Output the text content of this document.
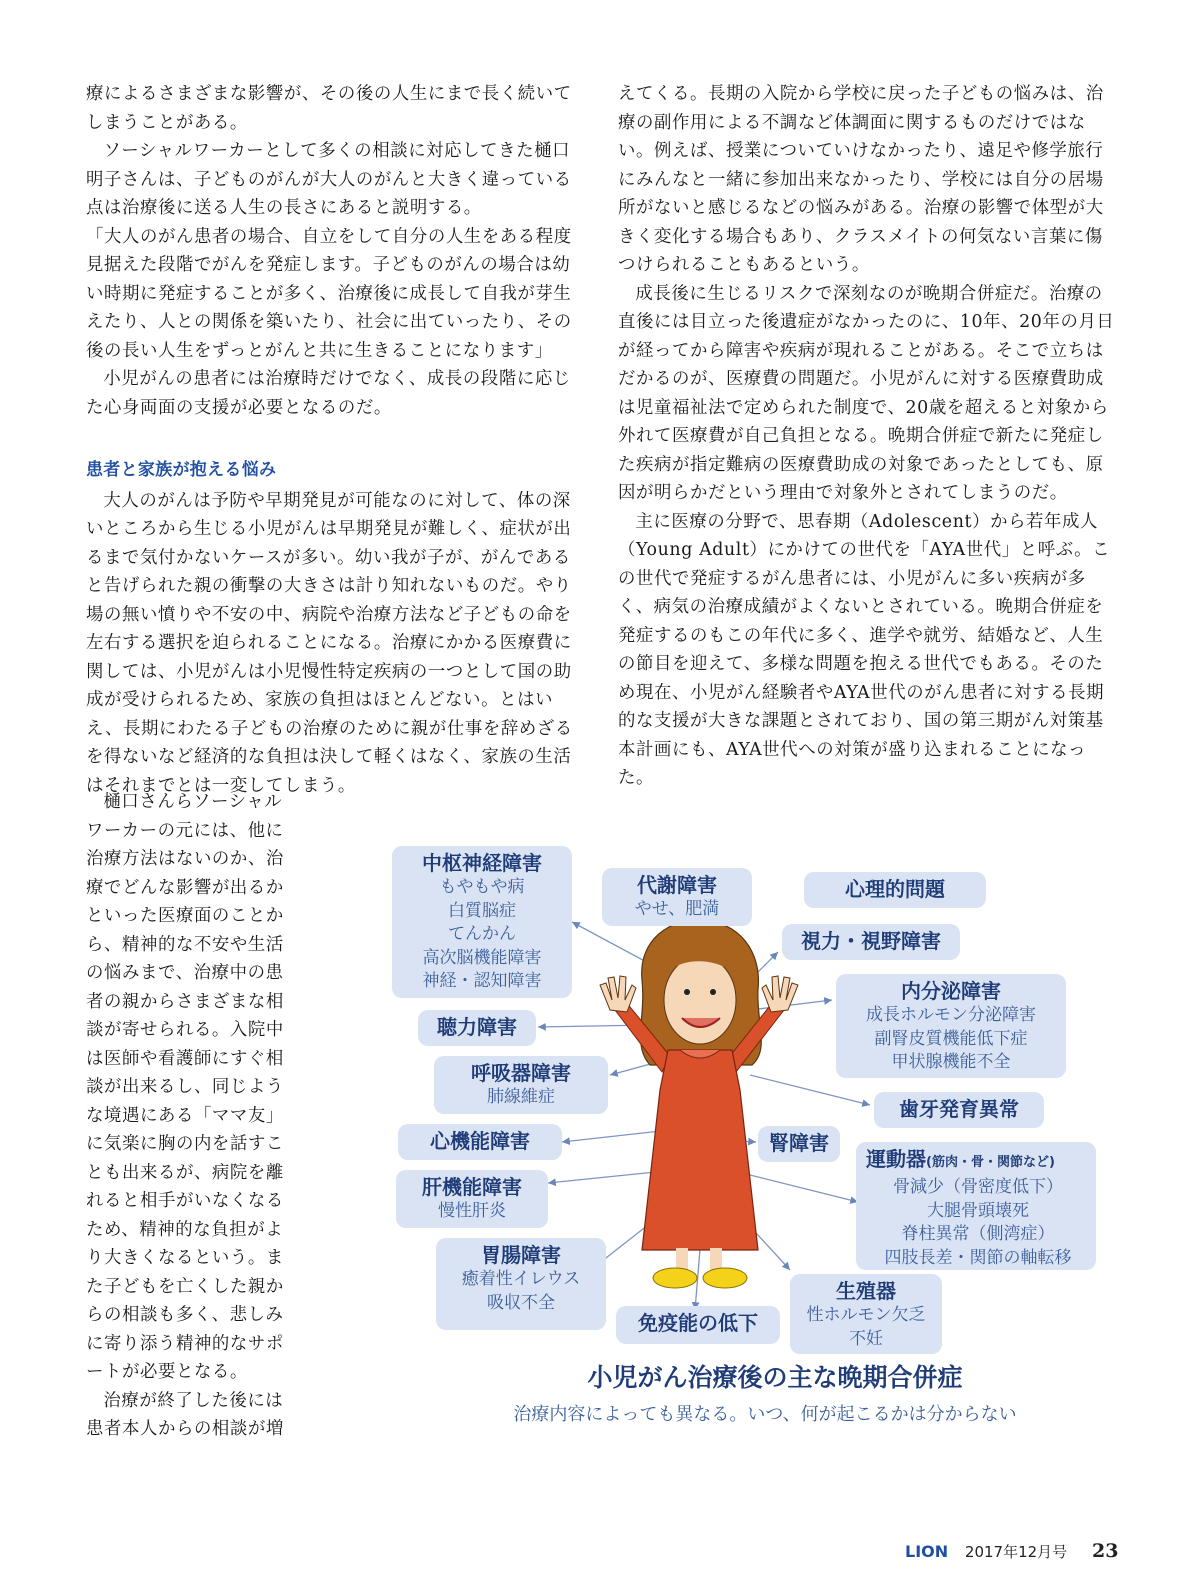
療によるさまざまな影響が、その後の人生にまで長く続いてしまうことがある。

ソーシャルワーカーとして多くの相談に対応してきた樋口明子さんは、子どものがんが大人のがんと大きく違っている点は治療後に送る人生の長さにあると説明する。

「大人のがん患者の場合、自立をして自分の人生をある程度見据えた段階でがんを発症します。子どものがんの場合は幼い時期に発症することが多く、治療後に成長して自我が芽生えたり、人との関係を築いたり、社会に出ていったり、その後の長い人生をずっとがんと共に生きることになります」

小児がんの患者には治療時だけでなく、成長の段階に応じた心身両面の支援が必要となるのだ。

患者と家族が抱える悩み

大人のがんは予防や早期発見が可能なのに対して、体の深いところから生じる小児がんは早期発見が難しく、症状が出るまで気付かないケースが多い。幼い我が子が、がんであると告げられた親の衝撃の大きさは計り知れないものだ。やり場の無い憤りや不安の中、病院や治療方法など子どもの命を左右する選択を迫られることになる。治療にかかる医療費に関しては、小児がんは小児慢性特定疾病の一つとして国の助成が受けられるため、家族の負担はほとんどない。とはいえ、長期にわたる子どもの治療のために親が仕事を辞めざるを得ないなど経済的な負担は決して軽くはなく、家族の生活はそれまでとは一変してしまう。

樋口さんらソーシャルワーカーの元には、他に治療方法はないのか、治療でどんな影響が出るかといった医療面のことから、精神的な不安や生活の悩みまで、治療中の患者の親からさまざまな相談が寄せられる。入院中は医師や看護師にすぐ相談が出来るし、同じような境遇にある「ママ友」に気楽に胸の内を話すことも出来るが、病院を離れると相手がいなくなるため、精神的な負担がより大きくなるという。また子どもを亡くした親からの相談も多く、悲しみに寄り添う精神的なサポートが必要となる。

治療が終了した後には患者本人からの相談が増

えてくる。長期の入院から学校に戻った子どもの悩みは、治療の副作用による不調など体調面に関するものだけではない。例えば、授業についていけなかったり、遠足や修学旅行にみんなと一緒に参加出来なかったり、学校には自分の居場所がないと感じるなどの悩みがある。治療の影響で体型が大きく変化する場合もあり、クラスメイトの何気ない言葉に傷つけられることもあるという。

成長後に生じるリスクで深刻なのが晩期合併症だ。治療の直後には目立った後遺症がなかったのに、10年、20年の月日が経ってから障害や疾病が現れることがある。そこで立ちはだかるのが、医療費の問題だ。小児がんに対する医療費助成は児童福祉法で定められた制度で、20歳を超えると対象から外れて医療費が自己負担となる。晩期合併症で新たに発症した疾病が指定難病の医療費助成の対象であったとしても、原因が明らかだという理由で対象外とされてしまうのだ。

主に医療の分野で、思春期（Adolescent）から若年成人（Young Adult）にかけての世代を「AYA世代」と呼ぶ。この世代で発症するがん患者には、小児がんに多い疾病が多く、病気の治療成績がよくないとされている。晩期合併症を発症するのもこの年代に多く、進学や就労、結婚など、人生の節目を迎えて、多様な問題を抱える世代でもある。そのため現在、小児がん経験者やAYA世代のがん患者に対する長期的な支援が大きな課題とされており、国の第三期がん対策基本計画にも、AYA世代への対策が盛り込まれることになった。

中枢神経障害
もやもや病
白質脳症
てんかん
高次脳機能障害
神経・認知障害
代謝障害
やせ、肥満
心理的問題
視力・視野障害
内分泌障害
成長ホルモン分泌障害
副腎皮質機能低下症
甲状腺機能不全
聴力障害
呼吸器障害
肺線維症	歯牙発育異常
心機能障害	腎障害
運動器(筋肉・骨・関節など)
骨減少（骨密度低下）
大腿骨頭壊死
脊柱異常（側湾症）
四肢長差・関節の軸転移
肝機能障害
慢性肝炎
胃腸障害
癒着性イレウス
吸収不全
免疫能の低下
生殖器
性ホルモン欠乏
不妊
小児がん治療後の主な晩期合併症
治療内容によっても異なる。いつ、何が起こるかは分からない
LION 2017年12月号 23
